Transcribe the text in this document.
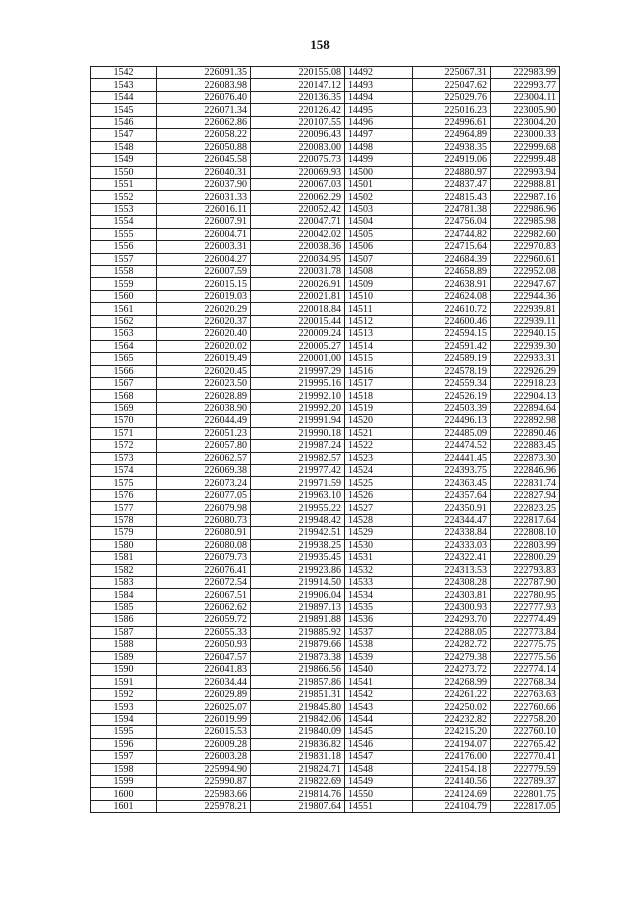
158
1542	226091.35	220155.08	14492	225067.31	222983.99
1543	226083.98	220147.12	14493	225047.62	222993.77
1544	226076.40	220136.35	14494	225029.76	223004.11
1545	226071.34	220126.42	14495	225016.23	223005.90
1546	226062.86	220107.55	14496	224996.61	223004.20
1547	226058.22	220096.43	14497	224964.89	223000.33
1548	226050.88	220083.00	14498	224938.35	222999.68
1549	226045.58	220075.73	14499	224919.06	222999.48
1550	226040.31	220069.93	14500	224880.97	222993.94
1551	226037.90	220067.03	14501	224837.47	222988.81
1552	226031.33	220062.29	14502	224815.43	222987.16
1553	226016.11	220052.42	14503	224781.38	222986.96
1554	226007.91	220047.71	14504	224756.04	222985.98
1555	226004.71	220042.02	14505	224744.82	222982.60
1556	226003.31	220038.36	14506	224715.64	222970.83
1557	226004.27	220034.95	14507	224684.39	222960.61
1558	226007.59	220031.78	14508	224658.89	222952.08
1559	226015.15	220026.91	14509	224638.91	222947.67
1560	226019.03	220021.81	14510	224624.08	222944.36
1561	226020.29	220018.84	14511	224610.72	222939.81
1562	226020.37	220015.44	14512	224600.46	222939.11
1563	226020.40	220009.24	14513	224594.15	222940.15
1564	226020.02	220005.27	14514	224591.42	222939.30
1565	226019.49	220001.00	14515	224589.19	222933.31
1566	226020.45	219997.29	14516	224578.19	222926.29
1567	226023.50	219995.16	14517	224559.34	222918.23
1568	226028.89	219992.10	14518	224526.19	222904.13
1569	226038.90	219992.20	14519	224503.39	222894.64
1570	226044.49	219991.94	14520	224496.13	222892.98
1571	226051.23	219990.18	14521	224485.09	222890.46
1572	226057.80	219987.24	14522	224474.52	222883.45
1573	226062.57	219982.57	14523	224441.45	222873.30
1574	226069.38	219977.42	14524	224393.75	222846.96
1575	226073.24	219971.59	14525	224363.45	222831.74
1576	226077.05	219963.10	14526	224357.64	222827.94
1577	226079.98	219955.22	14527	224350.91	222823.25
1578	226080.73	219948.42	14528	224344.47	222817.64
1579	226080.91	219942.51	14529	224338.84	222808.10
1580	226080.08	219938.25	14530	224333.03	222803.99
1581	226079.73	219935.45	14531	224322.41	222800.29
1582	226076.41	219923.86	14532	224313.53	222793.83
1583	226072.54	219914.50	14533	224308.28	222787.90
1584	226067.51	219906.04	14534	224303.81	222780.95
1585	226062.62	219897.13	14535	224300.93	222777.93
1586	226059.72	219891.88	14536	224293.70	222774.49
1587	226055.33	219885.92	14537	224288.05	222773.84
1588	226050.93	219879.66	14538	224282.72	222775.75
1589	226047.57	219873.38	14539	224279.38	222775.56
1590	226041.83	219866.56	14540	224273.72	222774.14
1591	226034.44	219857.86	14541	224268.99	222768.34
1592	226029.89	219851.31	14542	224261.22	222763.63
1593	226025.07	219845.80	14543	224250.02	222760.66
1594	226019.99	219842.06	14544	224232.82	222758.20
1595	226015.53	219840.09	14545	224215.20	222760.10
1596	226009.28	219836.82	14546	224194.07	222765.42
1597	226003.28	219831.18	14547	224176.00	222770.41
1598	225994.90	219824.71	14548	224154.18	222779.59
1599	225990.87	219822.69	14549	224140.56	222789.37
1600	225983.66	219814.76	14550	224124.69	222801.75
1601	225978.21	219807.64	14551	224104.79	222817.05
